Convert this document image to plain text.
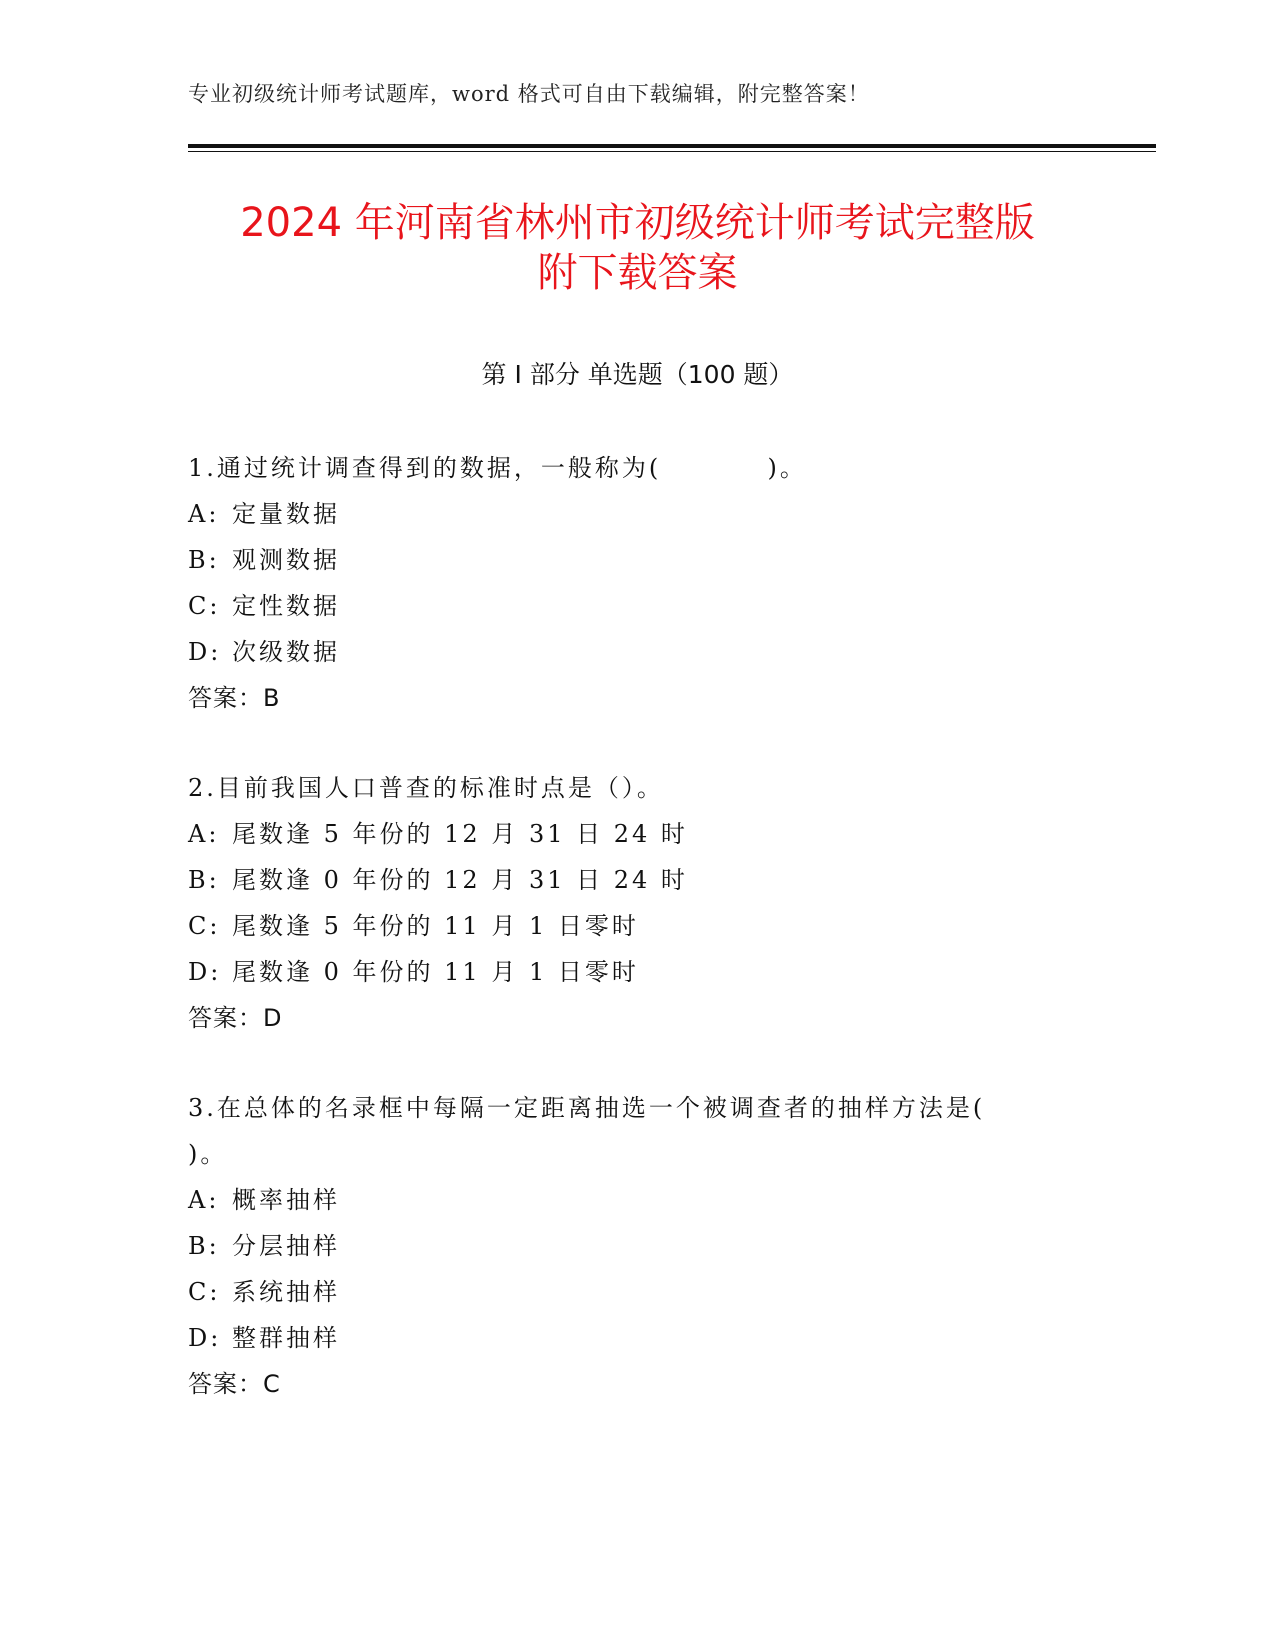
专业初级统计师考试题库，word 格式可自由下载编辑，附完整答案！
2024 年河南省林州市初级统计师考试完整版
附下载答案
第 I 部分 单选题（100 题）
1.通过统计调查得到的数据，一般称为(          )。
A: 定量数据
B: 观测数据
C: 定性数据
D: 次级数据
答案：B
2.目前我国人口普查的标准时点是（）。
A: 尾数逢 5 年份的 12 月 31 日 24 时
B: 尾数逢 0 年份的 12 月 31 日 24 时
C: 尾数逢 5 年份的 11 月 1 日零时
D: 尾数逢 0 年份的 11 月 1 日零时
答案：D
3.在总体的名录框中每隔一定距离抽选一个被调查者的抽样方法是(          )。
A: 概率抽样
B: 分层抽样
C: 系统抽样
D: 整群抽样
答案：C
